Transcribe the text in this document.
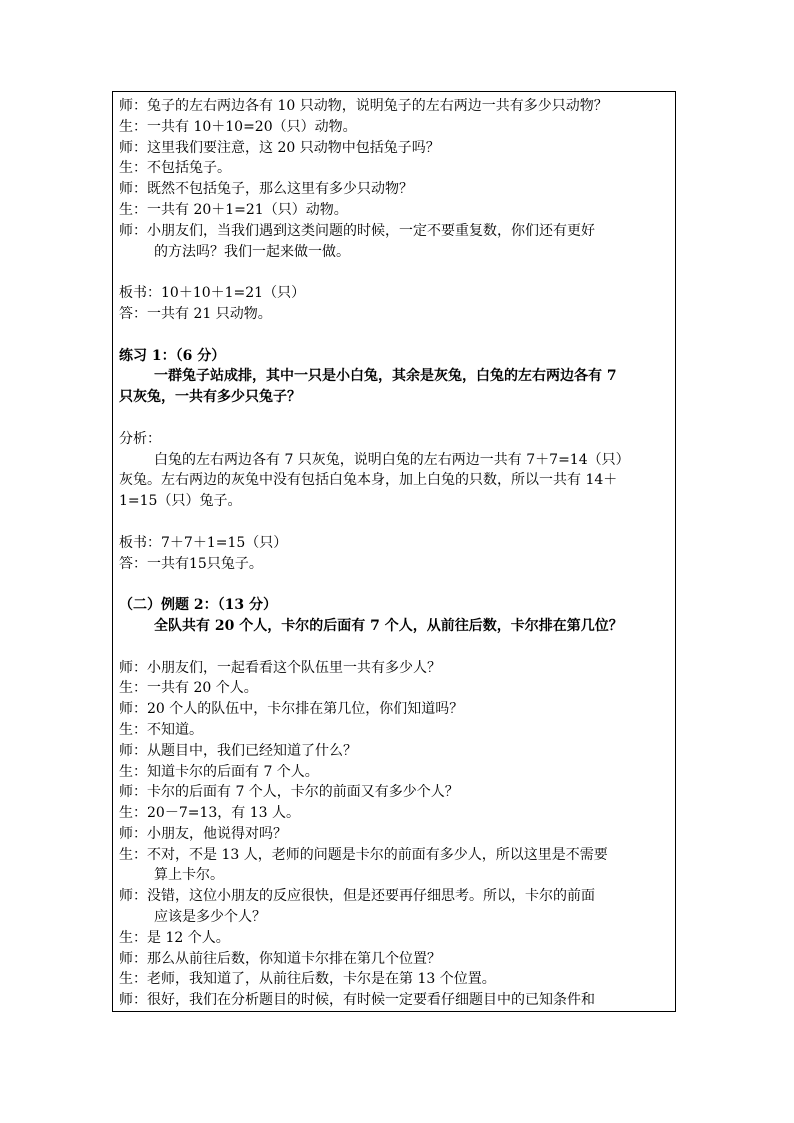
师：兔子的左右两边各有 10 只动物，说明兔子的左右两边一共有多少只动物？
生：一共有 10＋10=20（只）动物。
师：这里我们要注意，这 20 只动物中包括兔子吗？
生：不包括兔子。
师：既然不包括兔子，那么这里有多少只动物？
生：一共有 20＋1=21（只）动物。
师：小朋友们，当我们遇到这类问题的时候，一定不要重复数，你们还有更好
的方法吗？我们一起来做一做。
板书：10＋10＋1=21（只）
答：一共有 21 只动物。
练习 1：（6 分）
一群兔子站成排，其中一只是小白兔，其余是灰兔，白兔的左右两边各有 7
只灰兔，一共有多少只兔子？
分析：
白兔的左右两边各有 7 只灰兔，说明白兔的左右两边一共有 7＋7=14（只）
灰兔。左右两边的灰兔中没有包括白兔本身，加上白兔的只数，所以一共有 14＋
1=15（只）兔子。
板书：7＋7＋1=15（只）
答：一共有15只兔子。
（二）例题 2：（13 分）
全队共有 20 个人，卡尔的后面有 7 个人，从前往后数，卡尔排在第几位？
师：小朋友们，一起看看这个队伍里一共有多少人？
生：一共有 20 个人。
师：20 个人的队伍中，卡尔排在第几位，你们知道吗？
生：不知道。
师：从题目中，我们已经知道了什么？
生：知道卡尔的后面有 7 个人。
师：卡尔的后面有 7 个人，卡尔的前面又有多少个人？
生：20－7=13，有 13 人。
师：小朋友，他说得对吗？
生：不对，不是 13 人，老师的问题是卡尔的前面有多少人，所以这里是不需要
算上卡尔。
师：没错，这位小朋友的反应很快，但是还要再仔细思考。所以，卡尔的前面
应该是多少个人？
生：是 12 个人。
师：那么从前往后数，你知道卡尔排在第几个位置？
生：老师，我知道了，从前往后数，卡尔是在第 13 个位置。
师：很好，我们在分析题目的时候，有时候一定要看仔细题目中的已知条件和
